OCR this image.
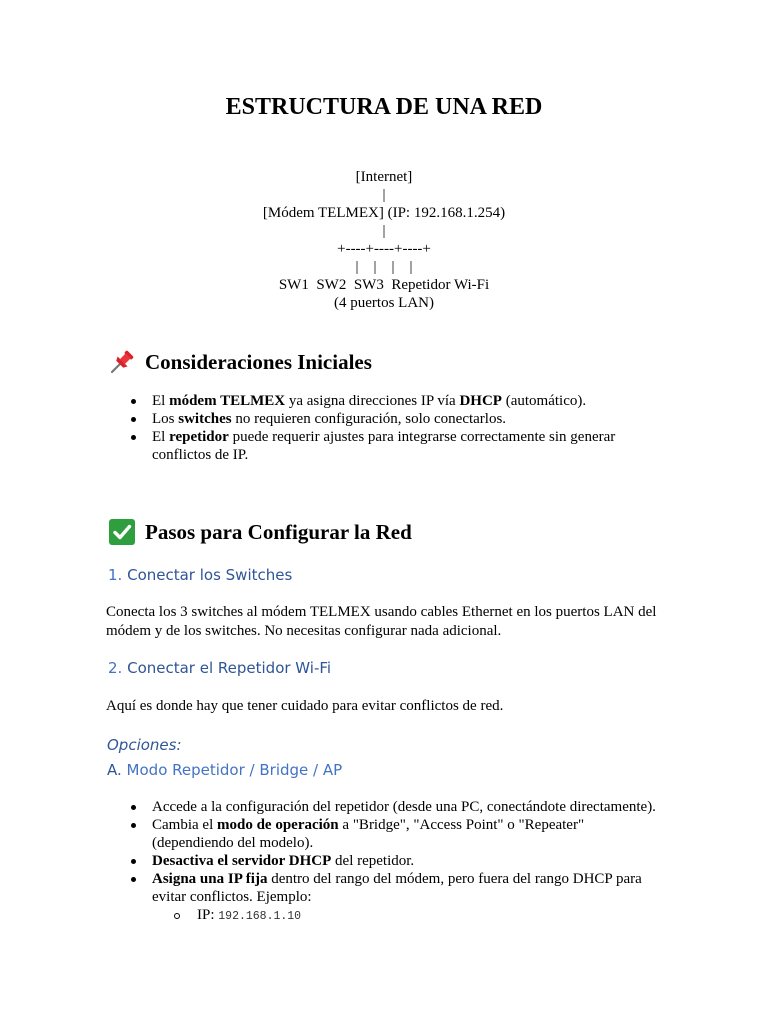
ESTRUCTURA DE UNA RED
[Internet]
|
[Módem TELMEX] (IP: 192.168.1.254)
|
+----+----+----+
|    |    |    |
SW1  SW2  SW3  Repetidor Wi-Fi
(4 puertos LAN)
Consideraciones Iniciales
El módem TELMEX ya asigna direcciones IP vía DHCP (automático).
Los switches no requieren configuración, solo conectarlos.
El repetidor puede requerir ajustes para integrarse correctamente sin generar conflictos de IP.
Pasos para Configurar la Red
1. Conectar los Switches
Conecta los 3 switches al módem TELMEX usando cables Ethernet en los puertos LAN del módem y de los switches. No necesitas configurar nada adicional.
2. Conectar el Repetidor Wi-Fi
Aquí es donde hay que tener cuidado para evitar conflictos de red.
Opciones:
A. Modo Repetidor / Bridge / AP
Accede a la configuración del repetidor (desde una PC, conectándote directamente).
Cambia el modo de operación a "Bridge", "Access Point" o "Repeater" (dependiendo del modelo).
Desactiva el servidor DHCP del repetidor.
Asigna una IP fija dentro del rango del módem, pero fuera del rango DHCP para evitar conflictos. Ejemplo:
IP: 192.168.1.10
